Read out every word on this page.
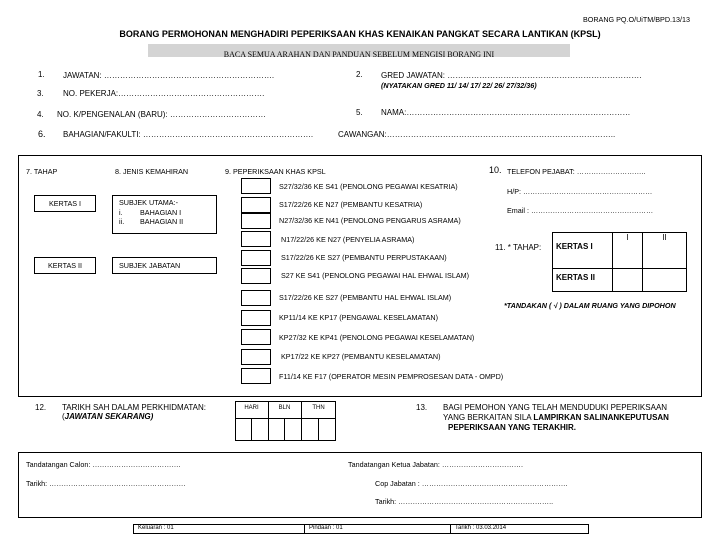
BORANG PQ.O/UiTM/BPD.13/13
BORANG PERMOHONAN MENGHADIRI PEPERIKSAAN KHAS KENAIKAN PANGKAT SECARA LANTIKAN (KPSL)
BACA SEMUA ARAHAN DAN PANDUAN SEBELUM MENGISI BORANG INI
1. JAWATAN: ……………………………………………………….	2. GRED JAWATAN: ……………………………………………………………….
(NYATAKAN GRED 11/ 14/ 17/ 22/ 26/ 27/32/36)
3. NO. PEKERJA:……………………………………………….
4. NO. K/PENGENALAN (BARU): ………………………………	5. NAMA:…………………………………………………………………………
6. BAHAGIAN/FAKULTI: ……………………………………………………….	CAWANGAN:…………………………………………………………………………..
7. TAHAP	8. JENIS KEMAHIRAN	9. PEPERIKSAAN KHAS KPSL
KERTAS I	SUBJEK UTAMA:-
i. BAHAGIAN I
ii. BAHAGIAN II
KERTAS II	SUBJEK JABATAN
S27/32/36 KE S41 (PENOLONG PEGAWAI KESATRIA)
S17/22/26 KE N27 (PEMBANTU KESATRIA)
N27/32/36 KE N41 (PENOLONG PENGARUS ASRAMA)
N17/22/26 KE N27 (PENYELIA ASRAMA)
S17/22/26 KE S27 (PEMBANTU PERPUSTAKAAN)
S27 KE S41 (PENOLONG PEGAWAI HAL EHWAL ISLAM)
S17/22/26 KE S27 (PEMBANTU HAL EHWAL ISLAM)
KP11/14 KE KP17 (PENGAWAL KESELAMATAN)
KP27/32 KE KP41 (PENOLONG PEGAWAI KESELAMATAN)
KP17/22 KE KP27 (PEMBANTU KESELAMATAN)
F11/14 KE F17 (OPERATOR MESIN PEMPROSESAN DATA - OMPD)
10. TELEFON PEJABAT: ………………………..
H/P: ………………………………………………
Email : ……………………………………………
11. * TAHAP:
I	II
KERTAS I
KERTAS II
*TANDAKAN ( √ ) DALAM RUANG YANG DIPOHON
12. TARIKH SAH DALAM PERKHIDMATAN:
(JAWATAN SEKARANG)
HARI	BLN	THN	13. BAGI PEMOHON YANG TELAH MENDUDUKI PEPERIKSAAN
YANG BERKAITAN SILA LAMPIRKAN SALINANKEPUTUSAN
PEPERIKSAAN YANG TERAKHIR.
Tandatangan Calon: ……………………………….
Tarikh: …………………………………………………
Tandatangan Ketua Jabatan: …………………………….
Cop Jabatan : …………………………………………………….
Tarikh: ………………………………………………………..
Keluaran : 01	Pindaan : 01	Tarikh : 03.03.2014
